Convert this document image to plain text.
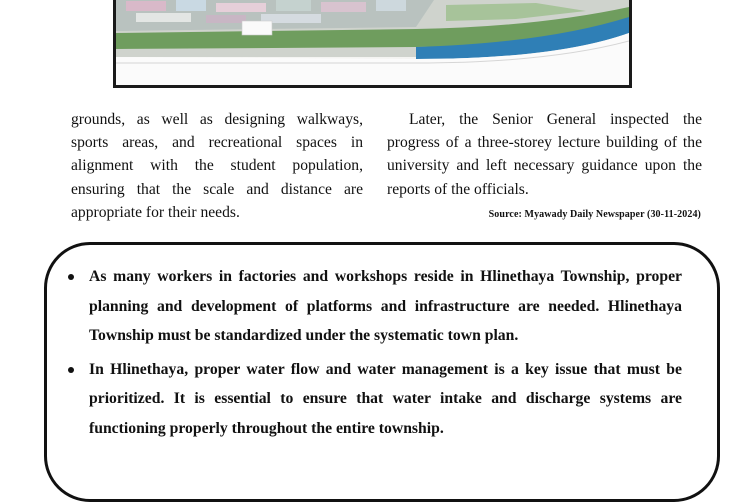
grounds, as well as designing walkways, sports areas, and recreational spaces in alignment with the student population, ensuring that the scale and distance are appropriate for their needs.

Later, the Senior General inspected the progress of a three-storey lecture building of the university and left necessary guidance upon the reports of the officials.

Source: Myawady Daily Newspaper (30-11-2024)
As many workers in factories and workshops reside in Hlinethaya Township, proper planning and development of platforms and infrastructure are needed. Hlinethaya Township must be standardized under the systematic town plan.
In Hlinethaya, proper water flow and water management is a key issue that must be prioritized. It is essential to ensure that water intake and discharge systems are functioning properly throughout the entire township.
